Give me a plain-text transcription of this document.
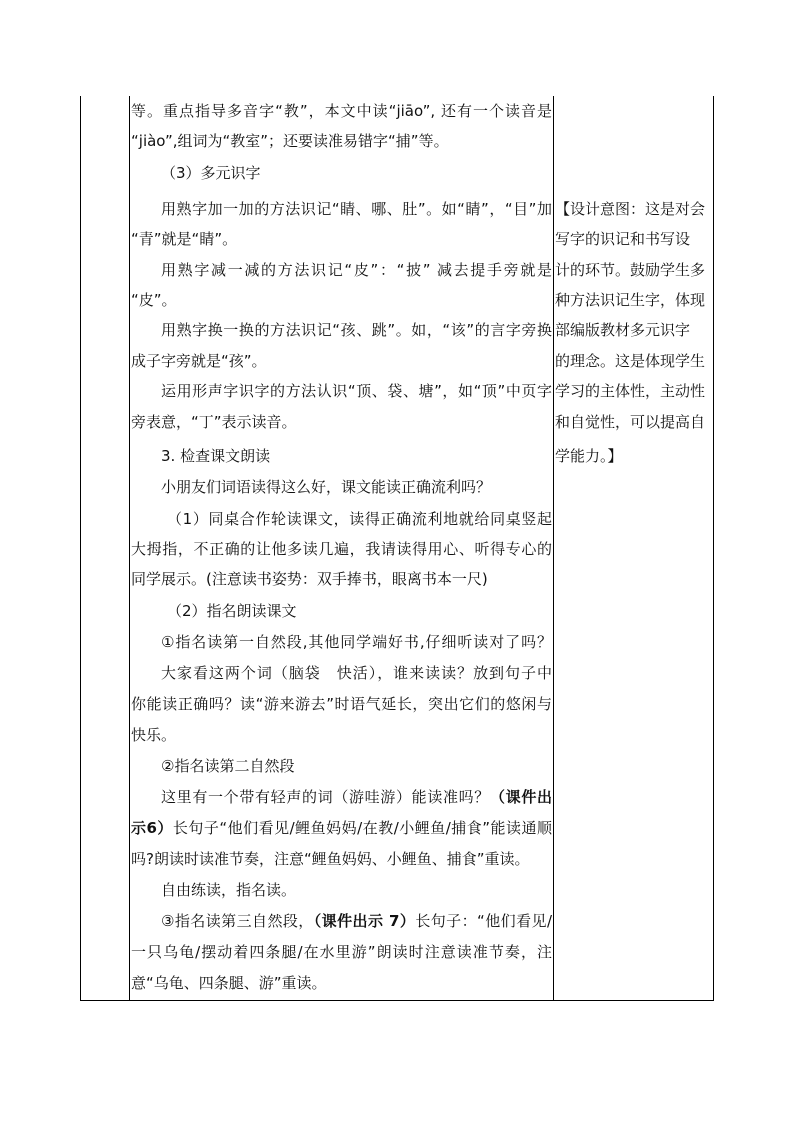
等。重点指导多音字“教”，本文中读“jiāo”, 还有一个读音是
“jiào”,组词为“教室”；还要读准易错字“捕”等。
（3）多元识字
用熟字加一加的方法识记“睛、哪、肚”。如“睛”，“目”加
“青”就是“睛”。
用熟字减一减的方法识记“皮”：“披” 减去提手旁就是
“皮”。
用熟字换一换的方法识记“孩、跳”。如，“该”的言字旁换
成子字旁就是“孩”。
运用形声字识字的方法认识“顶、袋、塘”，如“顶”中页字
旁表意，“丁”表示读音。
3. 检查课文朗读
小朋友们词语读得这么好，课文能读正确流利吗？
（1）同桌合作轮读课文，读得正确流利地就给同桌竖起
大拇指，不正确的让他多读几遍，我请读得用心、听得专心的
同学展示。(注意读书姿势：双手捧书，眼离书本一尺)
（2）指名朗读课文
①指名读第一自然段,其他同学端好书,仔细听读对了吗？
大家看这两个词（脑袋　快活），谁来读读？放到句子中
你能读正确吗？读“游来游去”时语气延长，突出它们的悠闲与
快乐。
②指名读第二自然段
这里有一个带有轻声的词（游哇游）能读准吗？（课件出
示6）长句子“他们看见/鲤鱼妈妈/在教/小鲤鱼/捕食”能读通顺
吗?朗读时读准节奏，注意“鲤鱼妈妈、小鲤鱼、捕食”重读。
自由练读，指名读。
③指名读第三自然段，（课件出示 7）长句子：“他们看见/
一只乌龟/摆动着四条腿/在水里游”朗读时注意读准节奏，注
意“乌龟、四条腿、游”重读。
【设计意图：这是对会
写字的识记和书写设
计的环节。鼓励学生多
种方法识记生字，体现
部编版教材多元识字
的理念。这是体现学生
学习的主体性，主动性
和自觉性，可以提高自
学能力。】
